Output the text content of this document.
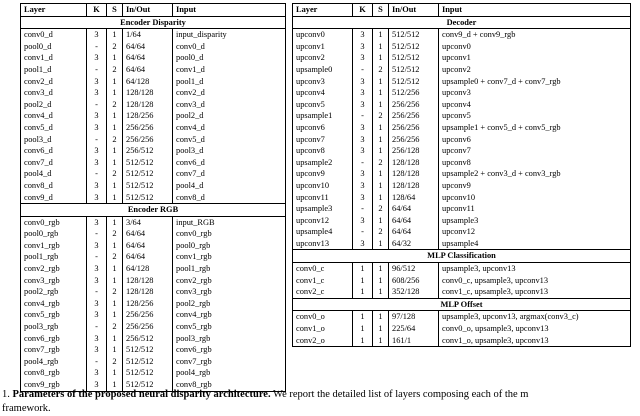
Layer	K	S	In/Out	Input
Encoder Disparity				
conv0_d	3	1	1/64	input_disparity
pool0_d	-	2	64/64	conv0_d
conv1_d	3	1	64/64	pool0_d
pool1_d	-	2	64/64	conv1_d
conv2_d	3	1	64/128	pool1_d
conv3_d	3	1	128/128	conv2_d
pool2_d	-	2	128/128	conv3_d
conv4_d	3	1	128/256	pool2_d
conv5_d	3	1	256/256	conv4_d
pool3_d	-	2	256/256	conv5_d
conv6_d	3	1	256/512	pool3_d
conv7_d	3	1	512/512	conv6_d
pool4_d	-	2	512/512	conv7_d
conv8_d	3	1	512/512	pool4_d
conv9_d	3	1	512/512	conv8_d
Encoder RGB				
conv0_rgb	3	1	3/64	input_RGB
pool0_rgb	-	2	64/64	conv0_rgb
conv1_rgb	3	1	64/64	pool0_rgb
pool1_rgb	-	2	64/64	conv1_rgb
conv2_rgb	3	1	64/128	pool1_rgb
conv3_rgb	3	1	128/128	conv2_rgb
pool2_rgb	-	2	128/128	conv3_rgb
conv4_rgb	3	1	128/256	pool2_rgb
conv5_rgb	3	1	256/256	conv4_rgb
pool3_rgb	-	2	256/256	conv5_rgb
conv6_rgb	3	1	256/512	pool3_rgb
conv7_rgb	3	1	512/512	conv6_rgb
pool4_rgb	-	2	512/512	conv7_rgb
conv8_rgb	3	1	512/512	pool4_rgb
conv9_rgb	3	1	512/512	conv8_rgb
Layer	K	S	In/Out	Input
Decoder				
upconv0	3	1	512/512	conv9_d + conv9_rgb
upconv1	3	1	512/512	upconv0
upconv2	3	1	512/512	upconv1
upsample0	-	2	512/512	upconv2
upconv3	3	1	512/512	upsample0 + conv7_d + conv7_rgb
upconv4	3	1	512/256	upconv3
upconv5	3	1	256/256	upconv4
upsample1	-	2	256/256	upconv5
upconv6	3	1	256/256	upsample1 + conv5_d + conv5_rgb
upconv7	3	1	256/256	upconv6
upconv8	3	1	256/128	upconv7
upsample2	-	2	128/128	upconv8
upconv9	3	1	128/128	upsample2 + conv3_d + conv3_rgb
upconv10	3	1	128/128	upconv9
upconv11	3	1	128/64	upconv10
upsample3	-	2	64/64	upconv11
upconv12	3	1	64/64	upsample3
upsample4	-	2	64/64	upconv12
upconv13	3	1	64/32	upsample4
MLP Classification				
conv0_c	1	1	96/512	upsample3, upconv13
conv1_c	1	1	608/256	conv0_c, upsample3, upconv13
conv2_c	1	1	352/128	conv1_c, upsample3, upconv13
MLP Offset				
conv0_o	1	1	97/128	upsample3, upconv13, argmax(conv3_c)
conv1_o	1	1	225/64	conv0_o, upsample3, upconv13
conv2_o	1	1	161/1	conv1_o, upsample3, upconv13
1. Parameters of the proposed neural disparity architecture. We report the detailed list of layers composing each of the m
framework.
